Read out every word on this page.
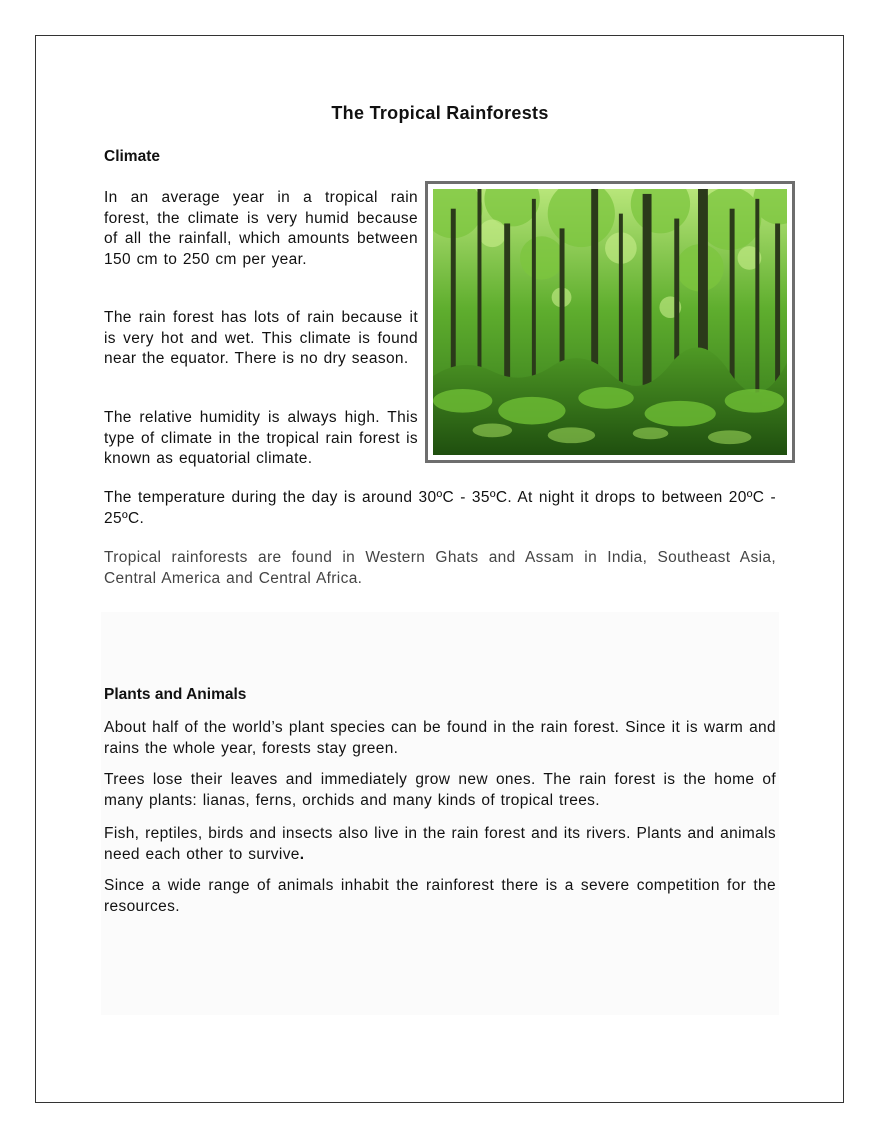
The Tropical Rainforests
Climate
In an average year in a tropical rain forest, the climate is very humid because of all the rainfall, which amounts between 150 cm to 250 cm per year.
The rain forest has lots of rain because it is very hot and wet. This climate is found near the equator. There is no dry season.
The relative humidity is always high. This type of climate in the tropical rain forest is known as equatorial climate.
The temperature during the day is around 30ºC - 35ºC. At night it drops to between 20ºC - 25ºC.
Tropical rainforests are found in Western Ghats and Assam in India, Southeast Asia, Central America and Central Africa.
Plants and Animals
About half of the world’s plant species can be found in the rain forest. Since it is warm and rains the whole year, forests stay green.
Trees lose their leaves and immediately grow new ones. The rain forest is the home of many plants: lianas, ferns, orchids and many kinds of tropical trees.
Fish, reptiles, birds and insects also live in the rain forest and its rivers. Plants and animals need each other to survive.
Since a wide range of animals inhabit the rainforest there is a severe competition for the resources.
